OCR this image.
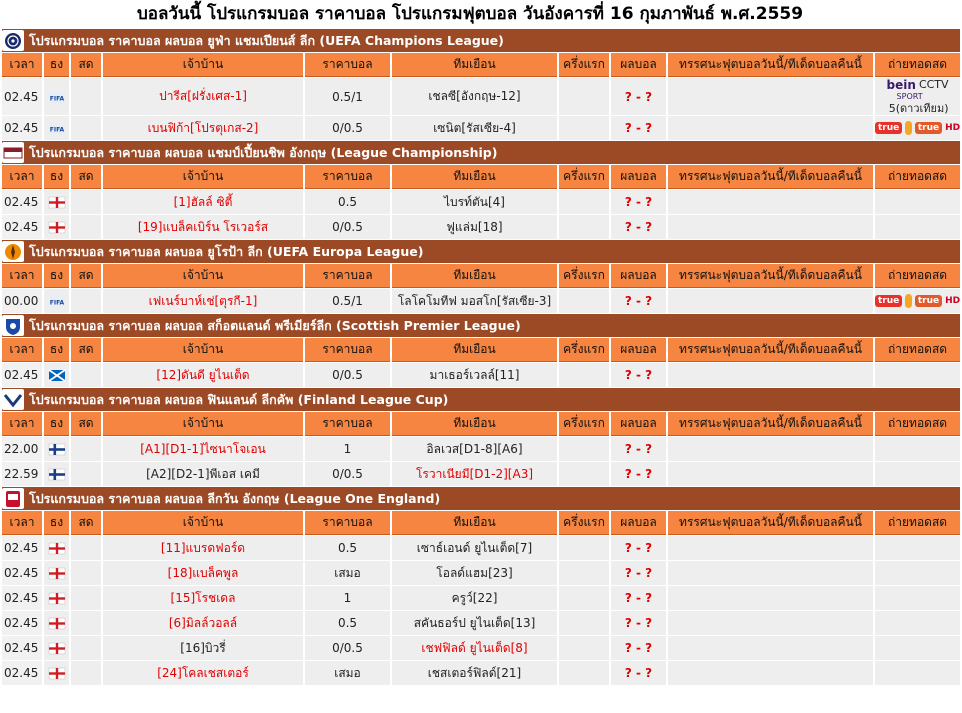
บอลวันนี้ โปรแกรมบอล ราคาบอล โปรแกรมฟุตบอล วันอังคารที่ 16 กุมภาพันธ์ พ.ศ.2559
โปรแกรมบอล ราคาบอล ผลบอล ยูฟ่า แชมเปียนส์ ลีก (UEFA Champions League)									

เวลา	ธง	สด	เจ้าบ้าน	ราคาบอล	ทีมเยือน	ครึ่งแรก	ผลบอล	ทรรศนะฟุตบอลวันนี้/ทีเด็ดบอลคืนนี้	ถ่ายทอดสด
02.45	FIFA		ปารีส[ฝรั่งเศส-1]	0.5/1	เชลซี[อังกฤษ-12]		? - ?		bein CCTV
SPORT
5(ดาวเทียม)

02.45	FIFA		เบนฟิก้า[โปรตุเกส-2]	0/0.5	เซนิต[รัสเซีย-4]		? - ?		true true HD

โปรแกรมบอล ราคาบอล ผลบอล แชมป์เปี้ยนชิพ อังกฤษ (League Championship)									

เวลา	ธง	สด	เจ้าบ้าน	ราคาบอล	ทีมเยือน	ครึ่งแรก	ผลบอล	ทรรศนะฟุตบอลวันนี้/ทีเด็ดบอลคืนนี้	ถ่ายทอดสด
02.45			[1]ฮัลล์ ซิตี้	0.5	ไบรท์ตัน[4]		? - ?		
02.45			[19]แบล็คเบิร์น โรเวอร์ส	0/0.5	ฟูแล่ม[18]		? - ?		

โปรแกรมบอล ราคาบอล ผลบอล ยูโรป้า ลีก (UEFA Europa League)									

เวลา	ธง	สด	เจ้าบ้าน	ราคาบอล	ทีมเยือน	ครึ่งแรก	ผลบอล	ทรรศนะฟุตบอลวันนี้/ทีเด็ดบอลคืนนี้	ถ่ายทอดสด
00.00	FIFA		เฟเนร์บาห์เช่[ตุรกี-1]	0.5/1	โลโคโมทีฟ มอสโก[รัสเซีย-3]		? - ?		true true HD

โปรแกรมบอล ราคาบอล ผลบอล สก็อตแลนด์ พรีเมียร์ลีก (Scottish Premier League)									

เวลา	ธง	สด	เจ้าบ้าน	ราคาบอล	ทีมเยือน	ครึ่งแรก	ผลบอล	ทรรศนะฟุตบอลวันนี้/ทีเด็ดบอลคืนนี้	ถ่ายทอดสด
02.45			[12]ดันดี ยูไนเต็ด	0/0.5	มาเธอร์เวลล์[11]		? - ?		

โปรแกรมบอล ราคาบอล ผลบอล ฟินแลนด์ ลีกคัพ (Finland League Cup)									

เวลา	ธง	สด	เจ้าบ้าน	ราคาบอล	ทีมเยือน	ครึ่งแรก	ผลบอล	ทรรศนะฟุตบอลวันนี้/ทีเด็ดบอลคืนนี้	ถ่ายทอดสด
22.00			[A1][D1-1]ไซนาโจเอน	1	อิลเวส[D1-8][A6]		? - ?		
22.59			[A2][D2-1]พีเอส เคมี	0/0.5	โรวาเนียมี[D1-2][A3]		? - ?		

โปรแกรมบอล ราคาบอล ผลบอล ลีกวัน อังกฤษ (League One England)									

เวลา	ธง	สด	เจ้าบ้าน	ราคาบอล	ทีมเยือน	ครึ่งแรก	ผลบอล	ทรรศนะฟุตบอลวันนี้/ทีเด็ดบอลคืนนี้	ถ่ายทอดสด
02.45			[11]แบรดฟอร์ด	0.5	เซาธ์เอนด์ ยูไนเต็ด[7]		? - ?		
02.45			[18]แบล็คพูล	เสมอ	โอลด์แฮม[23]		? - ?		
02.45			[15]โรชเดล	1	ครูว์[22]		? - ?		
02.45			[6]มิลล์วอลล์	0.5	สคันธอร์ป ยูไนเต็ด[13]		? - ?		
02.45			[16]บิวรี่	0/0.5	เชฟฟิลด์ ยูไนเต็ด[8]		? - ?		
02.45			[24]โคลเชสเตอร์	เสมอ	เชสเตอร์ฟิลด์[21]		? - ?		
